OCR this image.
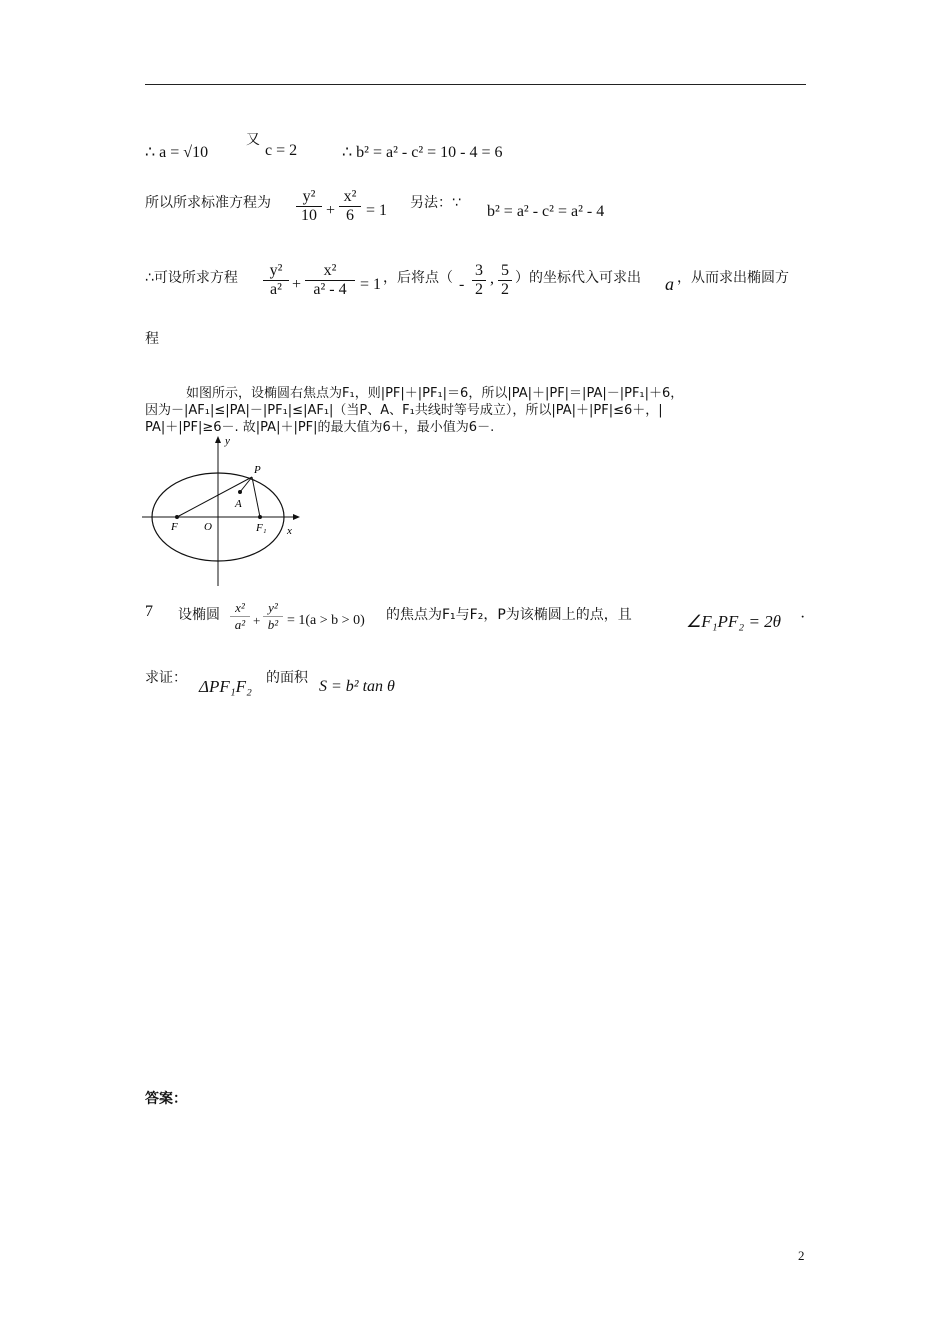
∴ a = √10
又
c = 2	∴ b² = a² - c² = 10 - 4 = 6
所以所求标准方程为 $\frac{\text{y²}}{10} + \frac{\text{x²}}{6} = 1$ 另法：∵ b² = a² - c² = a² - 4
∴可设所求方程 $\frac{\text{y²}}{\text{a²}} + \frac{\text{x²}}{\text{a² - 4}} = 1$ ，后将点（ - $\frac{3}{2}$ , $\frac{5}{2}$ ）的坐标代入可求出 a ，从而求出椭圆方
程
如图所示，设椭圆右焦点为F₁，则|PF|＋|PF₁|＝6，所以|PA|＋|PF|＝|PA|－|PF₁|＋6，
因为－|AF₁|≤|PA|－|PF₁|≤|AF₁|（当P、A、F₁共线时等号成立），所以|PA|＋|PF|≤6＋，|
PA|＋|PF|≥6－. 故|PA|＋|PF|的最大值为6＋，最小值为6－.
y
x
P
A
F O	F₁
7 设椭圆 $\frac{\text{x²}}{\text{a²}} + \frac{\text{y²}}{\text{b²}} = 1(a > b > 0)$ 的焦点为F₁与F₂，P为该椭圆上的点，且	∠F₁PF₂ = 2θ ·
求证： ΔPF₁F₂ 的面积 S = b² tan θ
答案：
2
